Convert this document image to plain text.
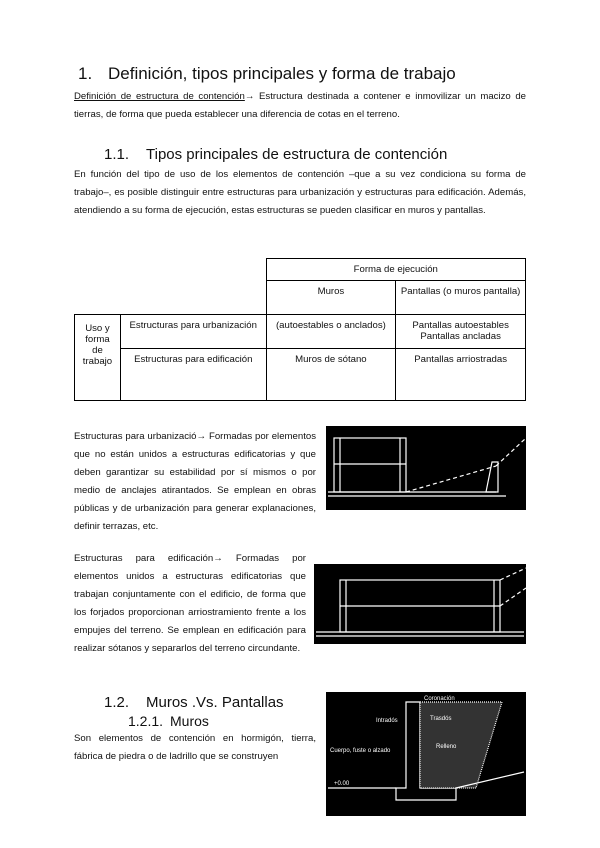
1. Definición, tipos principales y forma de trabajo
Definición de estructura de contención→ Estructura destinada a contener e inmovilizar un macizo de tierras, de forma que pueda establecer una diferencia de cotas en el terreno.
1.1. Tipos principales de estructura de contención
En función del tipo de uso de los elementos de contención –que a su vez condiciona su forma de trabajo–, es posible distinguir entre estructuras para urbanización y estructuras para edificación. Además, atendiendo a su forma de ejecución, estas estructuras se pueden clasificar en muros y pantallas.
		Forma de ejecución	
		Muros	Pantallas (o muros pantalla)
Uso y forma de trabajo	Estructuras para urbanización	(autoestables o anclados)	Pantallas autoestables Pantallas ancladas
	Estructuras para edificación	Muros de sótano	Pantallas arriostradas
Estructuras para urbanizació→ Formadas por elementos que no están unidos a estructuras edificatorias y que deben garantizar su estabilidad por sí mismos o por medio de anclajes atirantados. Se emplean en obras públicas y de urbanización para generar explanaciones, definir terrazas, etc.
Estructuras para edificación→ Formadas por elementos unidos a estructuras edificatorias que trabajan conjuntamente con el edificio, de forma que los forjados proporcionan arriostramiento frente a los empujes del terreno. Se emplean en edificación para realizar sótanos y separarlos del terreno circundante.
1.2. Muros .Vs. Pantallas
1.2.1. Muros
Son elementos de contención en hormigón, tierra, fábrica de piedra o de ladrillo que se construyen
Coronación
Trasdós
Intradós
Cuerpo, fuste o alzado
Relleno
+0.00
